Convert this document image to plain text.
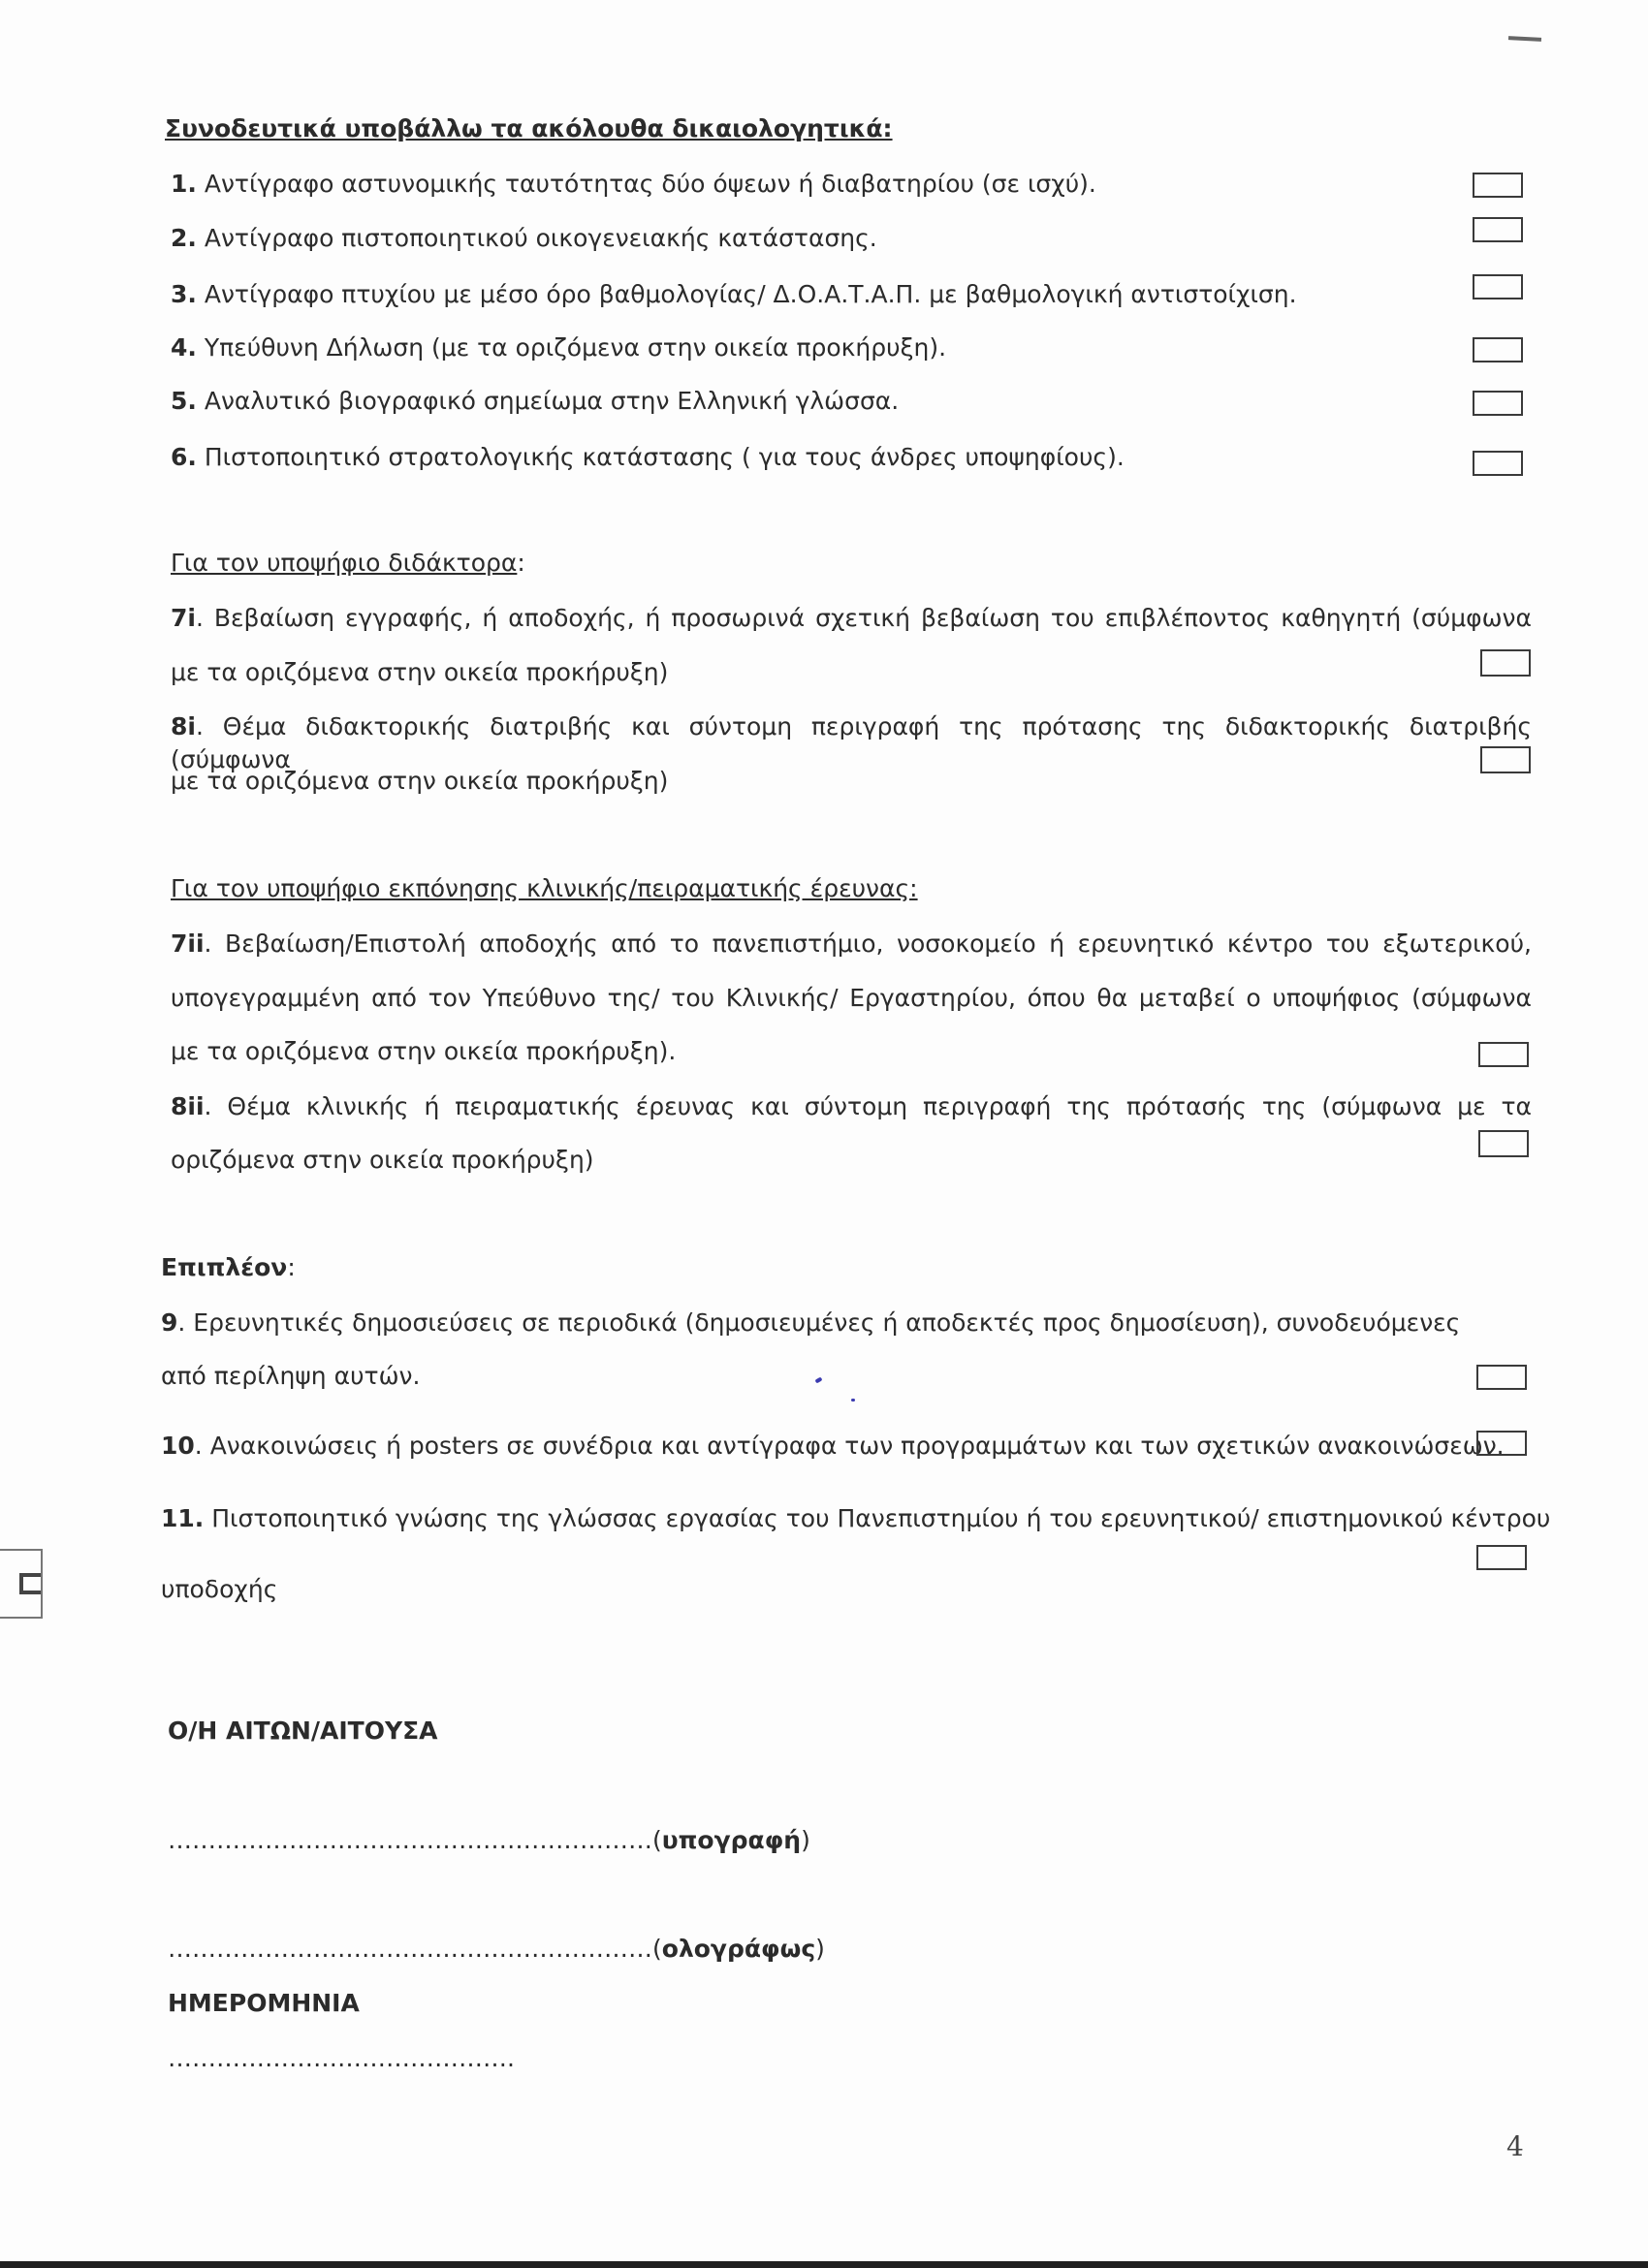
Συνοδευτικά υποβάλλω τα ακόλουθα δικαιολογητικά:
1. Αντίγραφο αστυνομικής ταυτότητας δύο όψεων ή διαβατηρίου (σε ισχύ).
2. Αντίγραφο πιστοποιητικού οικογενειακής κατάστασης.
3. Αντίγραφο πτυχίου με μέσο όρο βαθμολογίας/ Δ.Ο.Α.Τ.Α.Π. με βαθμολογική αντιστοίχιση.
4. Υπεύθυνη Δήλωση (με τα οριζόμενα στην οικεία προκήρυξη).
5. Αναλυτικό βιογραφικό σημείωμα στην Ελληνική γλώσσα.
6. Πιστοποιητικό στρατολογικής κατάστασης ( για τους άνδρες υποψηφίους).
Για τον υποψήφιο διδάκτορα:
7i. Βεβαίωση εγγραφής, ή αποδοχής, ή προσωρινά σχετική βεβαίωση του επιβλέποντος καθηγητή (σύμφωνα
με τα οριζόμενα στην οικεία προκήρυξη)
8i. Θέμα διδακτορικής διατριβής και σύντομη περιγραφή της πρότασης της διδακτορικής διατριβής (σύμφωνα
με τα οριζόμενα στην οικεία προκήρυξη)
Για τον υποψήφιο εκπόνησης κλινικής/πειραματικής έρευνας:
7ii. Βεβαίωση/Επιστολή αποδοχής από το πανεπιστήμιο, νοσοκομείο ή ερευνητικό κέντρο του εξωτερικού,
υπογεγραμμένη από τον Υπεύθυνο της/ του Κλινικής/ Εργαστηρίου, όπου θα μεταβεί ο υποψήφιος (σύμφωνα
με τα οριζόμενα στην οικεία προκήρυξη).
8ii. Θέμα κλινικής ή πειραματικής έρευνας και σύντομη περιγραφή της πρότασής της (σύμφωνα με τα
οριζόμενα στην οικεία προκήρυξη)
Επιπλέον:
9. Ερευνητικές δημοσιεύσεις σε περιοδικά (δημοσιευμένες ή αποδεκτές προς δημοσίευση), συνοδευόμενες
από περίληψη αυτών.
10. Ανακοινώσεις ή posters σε συνέδρια και αντίγραφα των προγραμμάτων και των σχετικών ανακοινώσεων.
11. Πιστοποιητικό γνώσης της γλώσσας εργασίας του Πανεπιστημίου ή του ερευνητικού/ επιστημονικού κέντρου
υποδοχής
Ο/Η ΑΙΤΩΝ/ΑΙΤΟΥΣΑ
……………………………………………………(υπογραφή)
……………………………………………………(ολογράφως)
ΗΜΕΡΟΜΗΝΙΑ
…………………………………….
4
